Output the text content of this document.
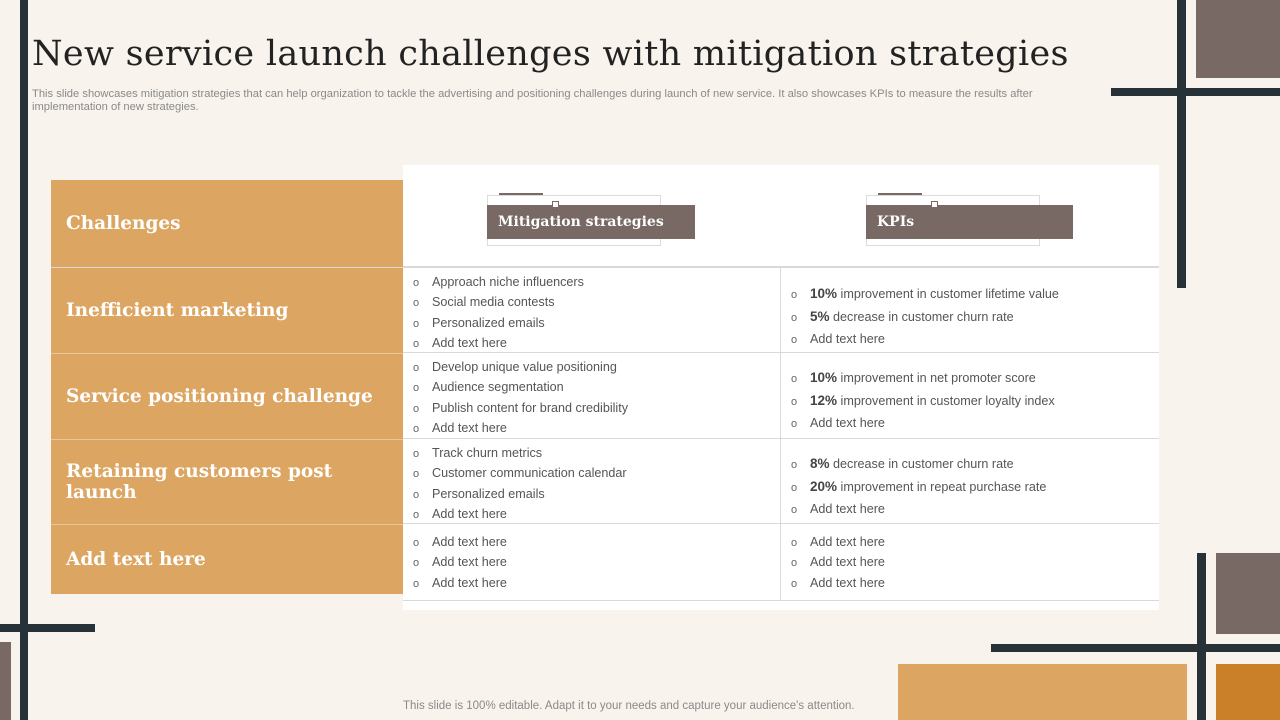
New service launch challenges with mitigation strategies
This slide showcases mitigation strategies that can help organization to tackle the advertising and positioning challenges during launch of new service. It also showcases KPIs to measure the results after implementation of new strategies.
Challenges	Mitigation strategies	KPIs
Inefficient marketing
o Approach niche influencers
o Social media contests
o Personalized emails
o Add text here
o 10% improvement in customer lifetime value
o 5% decrease in customer churn rate
o Add text here
Service positioning challenge
o Develop unique value positioning
o Audience segmentation
o Publish content for brand credibility
o Add text here
o 10% improvement in net promoter score
o 12% improvement in customer loyalty index
o Add text here
Retaining customers post launch
o Track churn metrics
o Customer communication calendar
o Personalized emails
o Add text here
o 8% decrease in customer churn rate
o 20% improvement in repeat purchase rate
o Add text here
Add text here
o Add text here
o Add text here
o Add text here
o Add text here
o Add text here
o Add text here
This slide is 100% editable. Adapt it to your needs and capture your audience's attention.
